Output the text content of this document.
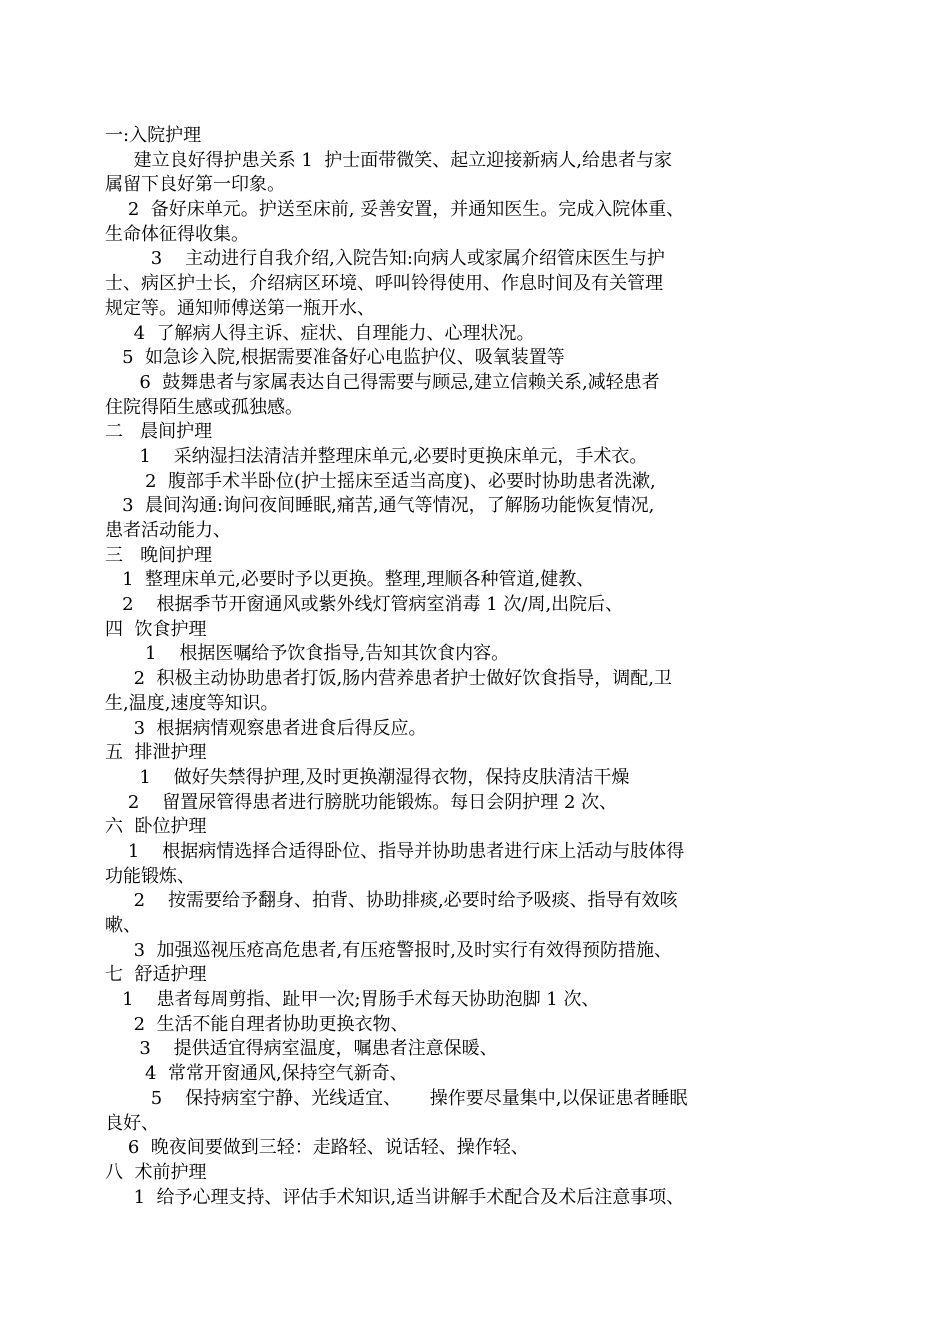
一:入院护理
建立良好得护患关系 1  护士面带微笑、起立迎接新病人,给患者与家
属留下良好第一印象。
2  备好床单元。护送至床前, 妥善安置，并通知医生。完成入院体重、
生命体征得收集。
3    主动进行自我介绍,入院告知:向病人或家属介绍管床医生与护
士、病区护士长，介绍病区环境、呼叫铃得使用、作息时间及有关管理
规定等。通知师傅送第一瓶开水、
4  了解病人得主诉、症状、自理能力、心理状况。
5  如急诊入院,根据需要准备好心电监护仪、吸氧装置等
6  鼓舞患者与家属表达自己得需要与顾忌,建立信赖关系,减轻患者
住院得陌生感或孤独感。
二   晨间护理
1    采纳湿扫法清洁并整理床单元,必要时更换床单元，手术衣。
2  腹部手术半卧位(护士摇床至适当高度)、必要时协助患者洗漱,
3  晨间沟通:询问夜间睡眠,痛苦,通气等情况，了解肠功能恢复情况,
患者活动能力、
三   晚间护理
1  整理床单元,必要时予以更换。整理,理顺各种管道,健教、
2    根据季节开窗通风或紫外线灯管病室消毒 1 次/周,出院后、
四  饮食护理
1    根据医嘱给予饮食指导,告知其饮食内容。
2  积极主动协助患者打饭,肠内营养患者护士做好饮食指导，调配,卫
生,温度,速度等知识。
3  根据病情观察患者进食后得反应。
五  排泄护理
1    做好失禁得护理,及时更换潮湿得衣物，保持皮肤清洁干燥
2    留置尿管得患者进行膀胱功能锻炼。每日会阴护理 2 次、
六  卧位护理
1    根据病情选择合适得卧位、指导并协助患者进行床上活动与肢体得
功能锻炼、
2    按需要给予翻身、拍背、协助排痰,必要时给予吸痰、指导有效咳
嗽、
3  加强巡视压疮高危患者,有压疮警报时,及时实行有效得预防措施、
七  舒适护理
1    患者每周剪指、趾甲一次;胃肠手术每天协助泡脚 1 次、
2  生活不能自理者协助更换衣物、
3    提供适宜得病室温度，嘱患者注意保暖、
4  常常开窗通风,保持空气新奇、
5    保持病室宁静、光线适宜、     操作要尽量集中,以保证患者睡眠
良好、
6  晚夜间要做到三轻：走路轻、说话轻、操作轻、
八  术前护理
1  给予心理支持、评估手术知识,适当讲解手术配合及术后注意事项、
